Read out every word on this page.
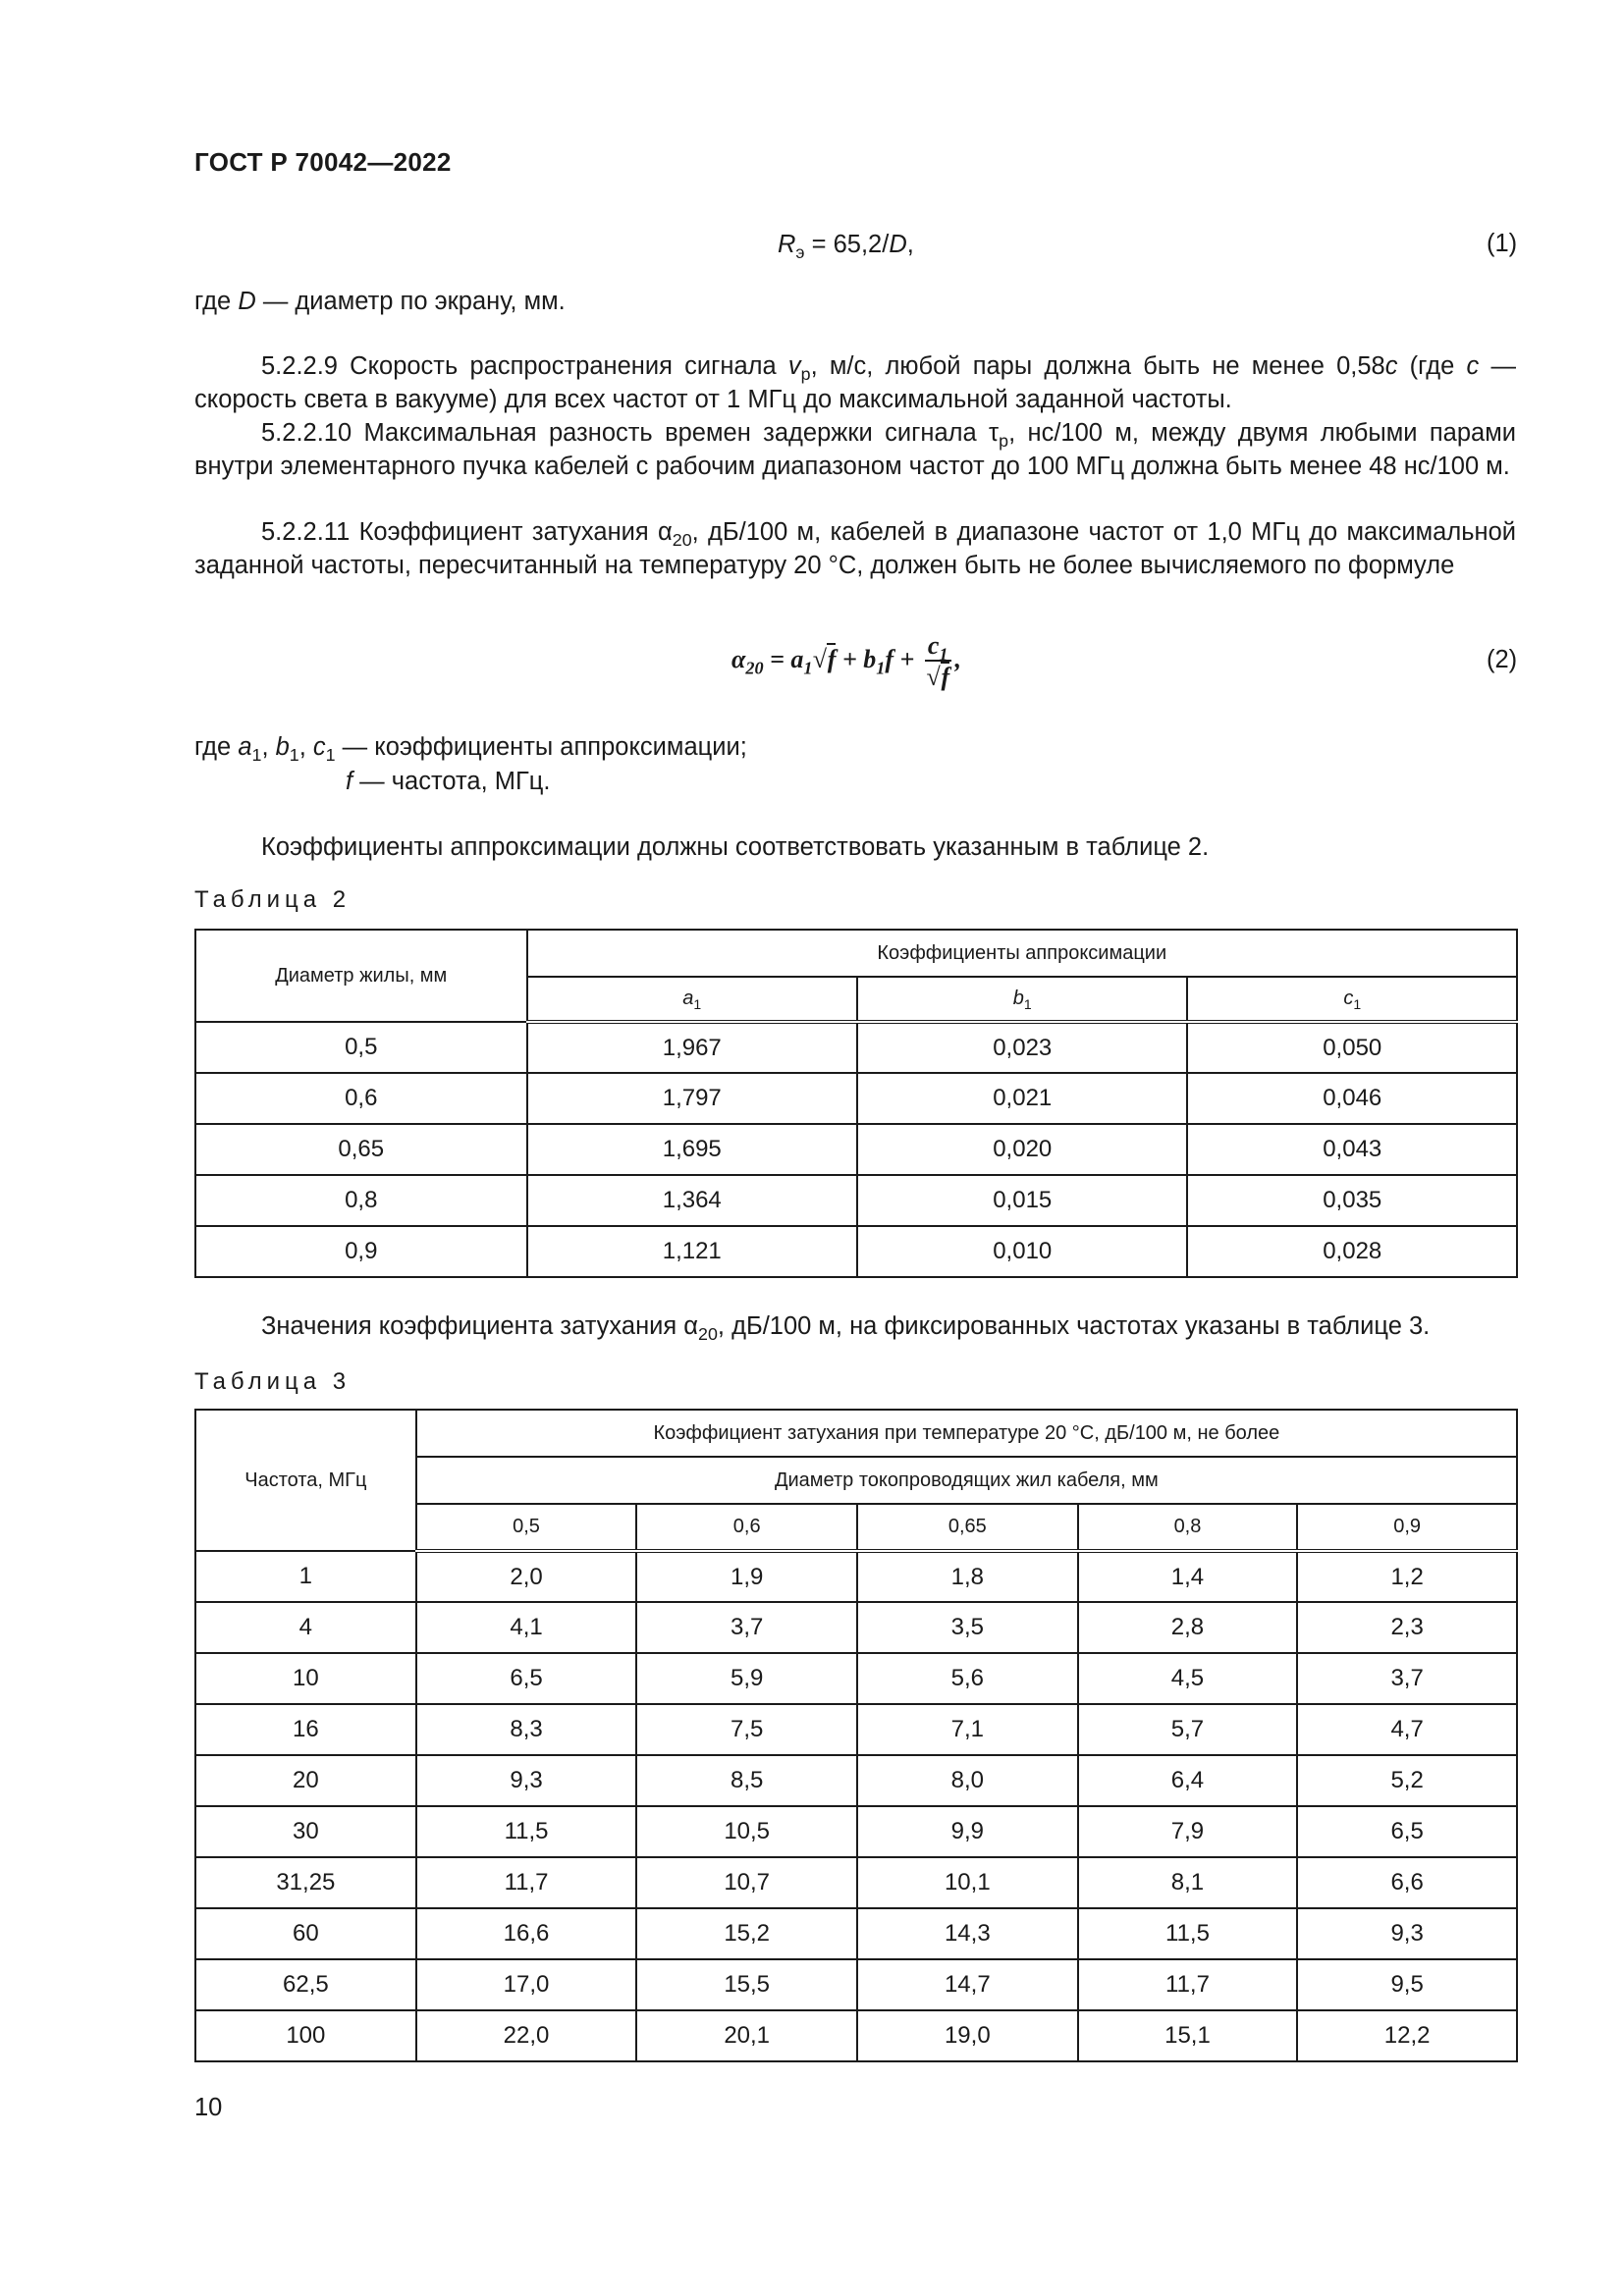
ГОСТ Р 70042—2022
$R_э = 65,2/D$,	(1)
где D — диаметр по экрану, мм.
5.2.2.9 Скорость распространения сигнала $v_р$, м/с, любой пары должна быть не менее 0,58c (где c — скорость света в вакууме) для всех частот от 1 МГц до максимальной заданной частоты.
5.2.2.10 Максимальная разность времен задержки сигнала $\tau_р$, нс/100 м, между двумя любыми парами внутри элементарного пучка кабелей с рабочим диапазоном частот до 100 МГц должна быть менее 48 нс/100 м.
5.2.2.11 Коэффициент затухания $\alpha_{20}$, дБ/100 м, кабелей в диапазоне частот от 1,0 МГц до максимальной заданной частоты, пересчитанный на температуру 20 °С, должен быть не более вычисляемого по формуле
$\alpha_{20} = a_1√f + b_1f + \frac{c_1}{√f}$ ,	(2)
где $a_1$, $b_1$, $c_1$ — коэффициенты аппроксимации;
f — частота, МГц.
Коэффициенты аппроксимации должны соответствовать указанным в таблице 2.
Таблица 2
Диаметр жилы, мм	Коэффициенты аппроксимации		
	$a_1$	$b_1$	$c_1$
0,5	1,967	0,023	0,050
0,6	1,797	0,021	0,046
0,65	1,695	0,020	0,043
0,8	1,364	0,015	0,035
0,9	1,121	0,010	0,028
Значения коэффициента затухания $\alpha_{20}$, дБ/100 м, на фиксированных частотах указаны в таблице 3.
Таблица 3
Частота, МГц	Коэффициент затухания при температуре 20 °С, дБ/100 м, не более				
	Диаметр токопроводящих жил кабеля, мм				
	0,5	0,6	0,65	0,8	0,9
1	2,0	1,9	1,8	1,4	1,2
4	4,1	3,7	3,5	2,8	2,3
10	6,5	5,9	5,6	4,5	3,7
16	8,3	7,5	7,1	5,7	4,7
20	9,3	8,5	8,0	6,4	5,2
30	11,5	10,5	9,9	7,9	6,5
31,25	11,7	10,7	10,1	8,1	6,6
60	16,6	15,2	14,3	11,5	9,3
62,5	17,0	15,5	14,7	11,7	9,5
100	22,0	20,1	19,0	15,1	12,2
10
